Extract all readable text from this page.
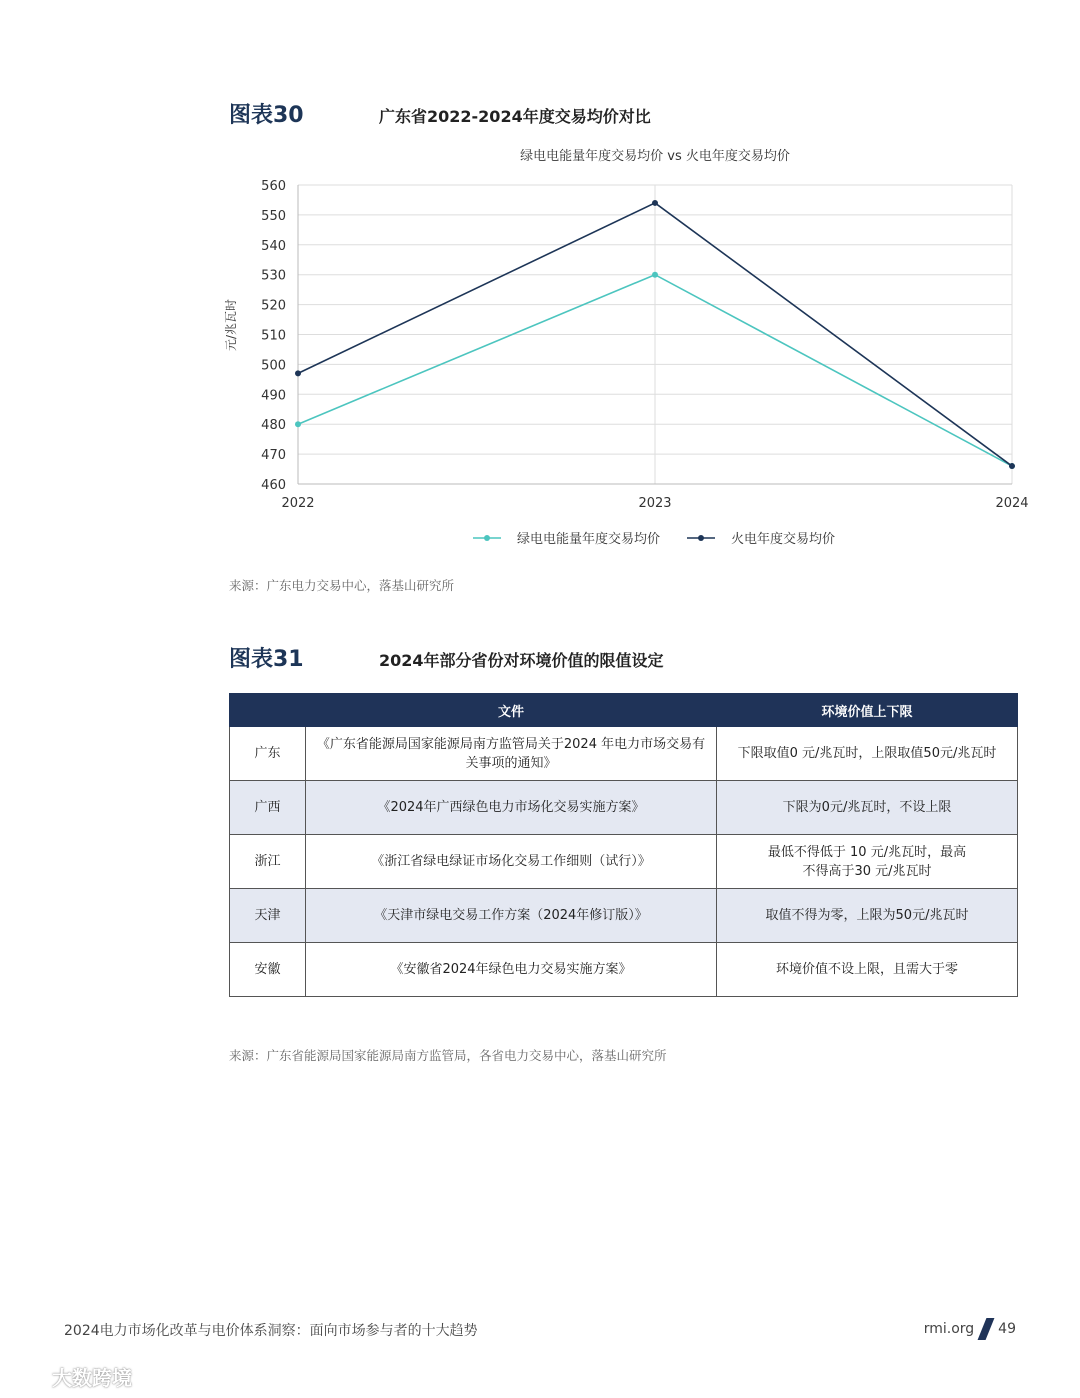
图表30	广东省2022-2024年度交易均价对比
绿电电能量年度交易均价 vs 火电年度交易均价
元/兆瓦时
460
470
480
490
500
510
520
530
540
550
560
2022	2023	2024
绿电电能量年度交易均价	火电年度交易均价
来源：广东电力交易中心，落基山研究所
图表31	2024年部分省份对环境价值的限值设定
	文件	环境价值上下限
广东	《广东省能源局国家能源局南方监管局关于2024 年电力市场交易有关事项的通知》	下限取值0 元/兆瓦时，上限取值50元/兆瓦时
广西	《2024年广西绿色电力市场化交易实施方案》	下限为0元/兆瓦时，不设上限
浙江	《浙江省绿电绿证市场化交易工作细则（试行）》	最低不得低于 10 元/兆瓦时，最高不得高于30 元/兆瓦时
天津	《天津市绿电交易工作方案（2024年修订版）》	取值不得为零，上限为50元/兆瓦时
安徽	《安徽省2024年绿色电力交易实施方案》	环境价值不设上限，且需大于零
来源：广东省能源局国家能源局南方监管局，各省电力交易中心，落基山研究所
2024电力市场化改革与电价体系洞察：面向市场参与者的十大趋势	rmi.org 49
大数跨境
